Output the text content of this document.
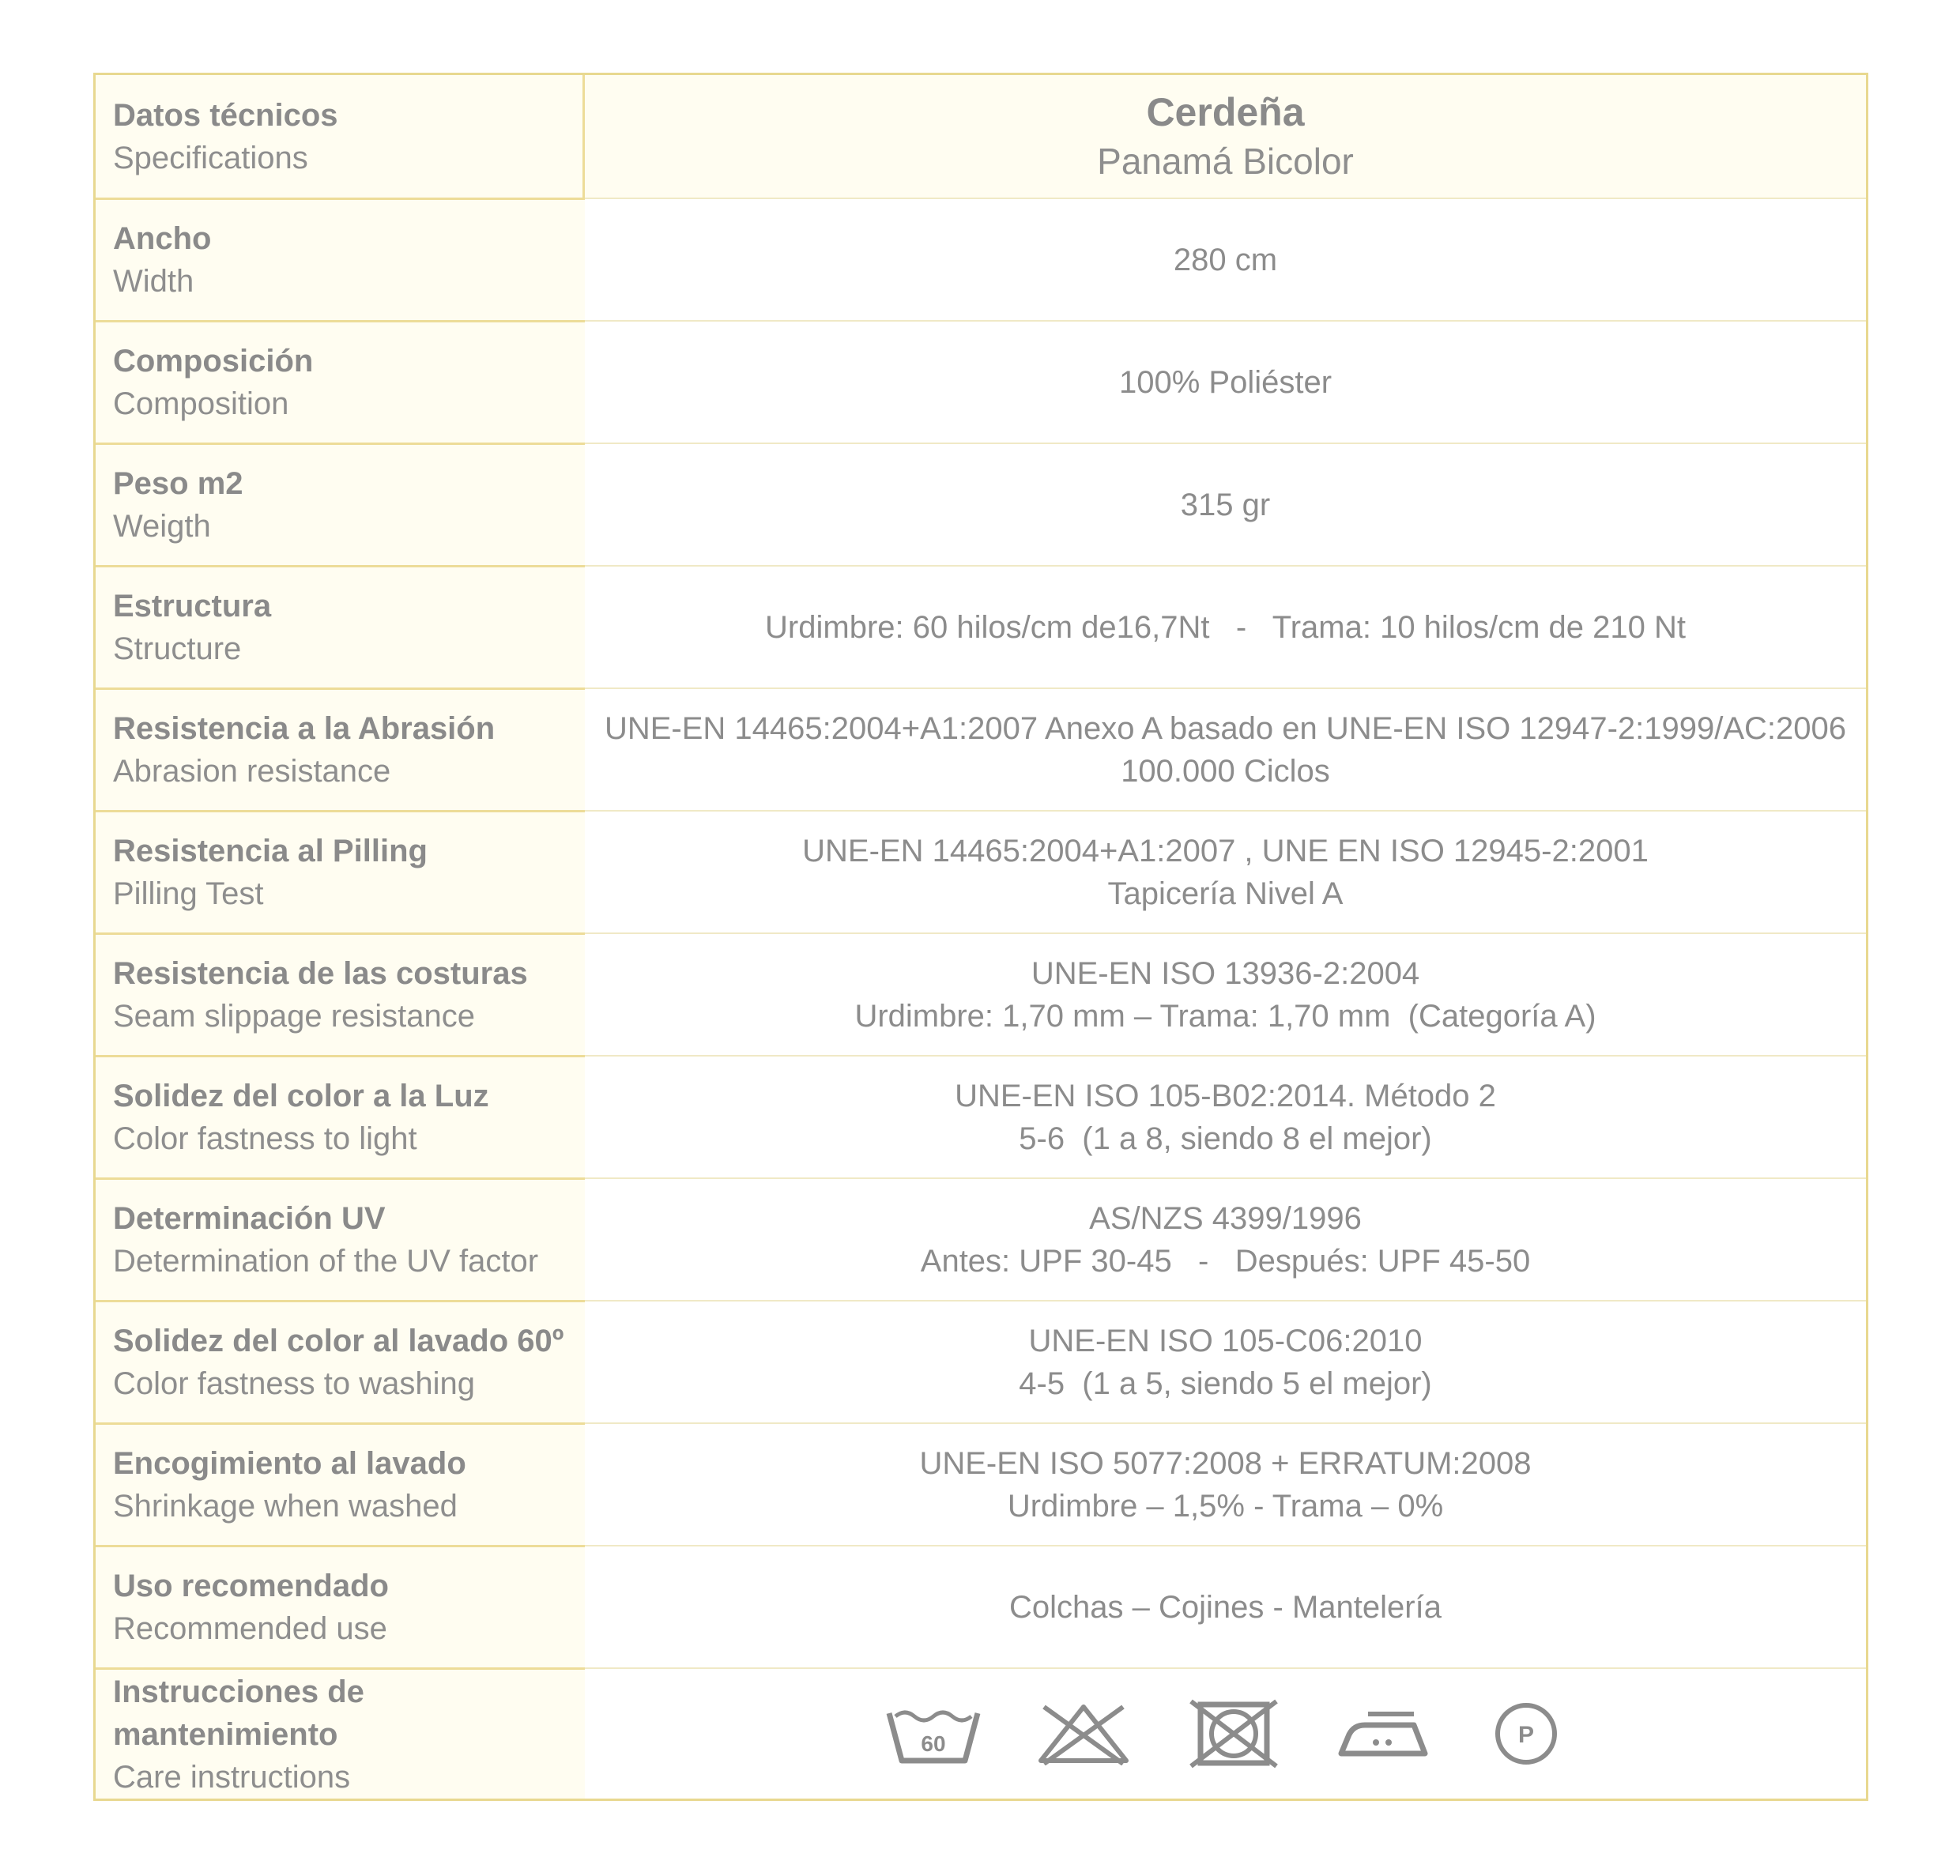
Datos técnicos
Specifications
Cerdeña
Panamá Bicolor
Ancho
Width
280 cm
Composición
Composition
100% Poliéster
Peso m2
Weigth
315 gr
Estructura
Structure
Urdimbre: 60 hilos/cm de16,7Nt   -   Trama: 10 hilos/cm de 210 Nt
Resistencia a la Abrasión
Abrasion resistance
UNE-EN 14465:2004+A1:2007 Anexo A basado en UNE-EN ISO 12947-2:1999/AC:2006
100.000 Ciclos
Resistencia al Pilling
Pilling Test
UNE-EN 14465:2004+A1:2007 , UNE EN ISO 12945-2:2001
Tapicería Nivel A
Resistencia de las costuras
Seam slippage resistance
UNE-EN ISO 13936-2:2004
Urdimbre: 1,70 mm – Trama: 1,70 mm  (Categoría A)
Solidez del color a la Luz
Color fastness to light
UNE-EN ISO 105-B02:2014. Método 2
5-6  (1 a 8, siendo 8 el mejor)
Determinación UV
Determination of the UV factor
AS/NZS 4399/1996
Antes: UPF 30-45   -   Después: UPF 45-50
Solidez del color al lavado 60º
Color fastness to washing
UNE-EN ISO 105-C06:2010
4-5  (1 a 5, siendo 5 el mejor)
Encogimiento al lavado
Shrinkage when washed
UNE-EN ISO 5077:2008 + ERRATUM:2008
Urdimbre – 1,5% - Trama – 0%
Uso recomendado
Recommended use
Colchas – Cojines - Mantelería
Instrucciones de
mantenimiento
Care instructions
60	P
